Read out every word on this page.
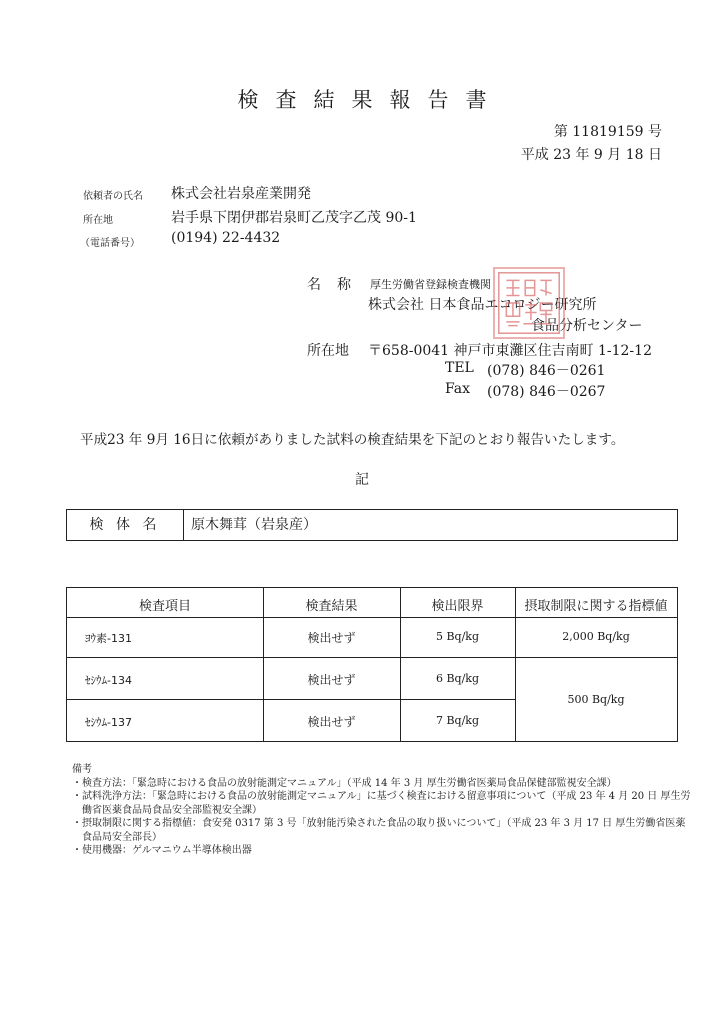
検査結果報告書
第 11819159 号
平成 23 年 9 月 18 日
依頼者の氏名 株式会社岩泉産業開発
所在地	岩手県下閉伊郡岩泉町乙茂字乙茂 90-1
（電話番号） (0194) 22-4432
名 称 厚生労働省登録検査機関
株式会社 日本食品エコロジー研究所
食品分析センター
所在地 〒658-0041 神戸市東灘区住吉南町 1-12-12
TEL (078) 846－0261
Fax (078) 846－0267
平成23 年 9月 16日に依頼がありました試料の検査結果を下記のとおり報告いたします。
記
検 体 名	原木舞茸（岩泉産）
検査項目	検査結果	検出限界	摂取制限に関する指標値
ﾖｳ素-131	検出せず	5 Bq/kg	2,000 Bq/kg
ｾｼｳﾑ-134	検出せず	6 Bq/kg
ｾｼｳﾑ-137	検出せず	7 Bq/kg
500 Bq/kg
備考
・検査方法：「緊急時における食品の放射能測定マニュアル」（平成 14 年 3 月 厚生労働省医薬局食品保健部監視安全課）
・試料洗浄方法：「緊急時における食品の放射能測定マニュアル」に基づく検査における留意事項について（平成 23 年 4 月 20 日 厚生労働省医薬食品局食品安全部監視安全課）
・摂取制限に関する指標値：食安発 0317 第 3 号「放射能汚染された食品の取り扱いについて」（平成 23 年 3 月 17 日 厚生労働省医薬食品局安全部長）
・使用機器：ゲルマニウム半導体検出器
